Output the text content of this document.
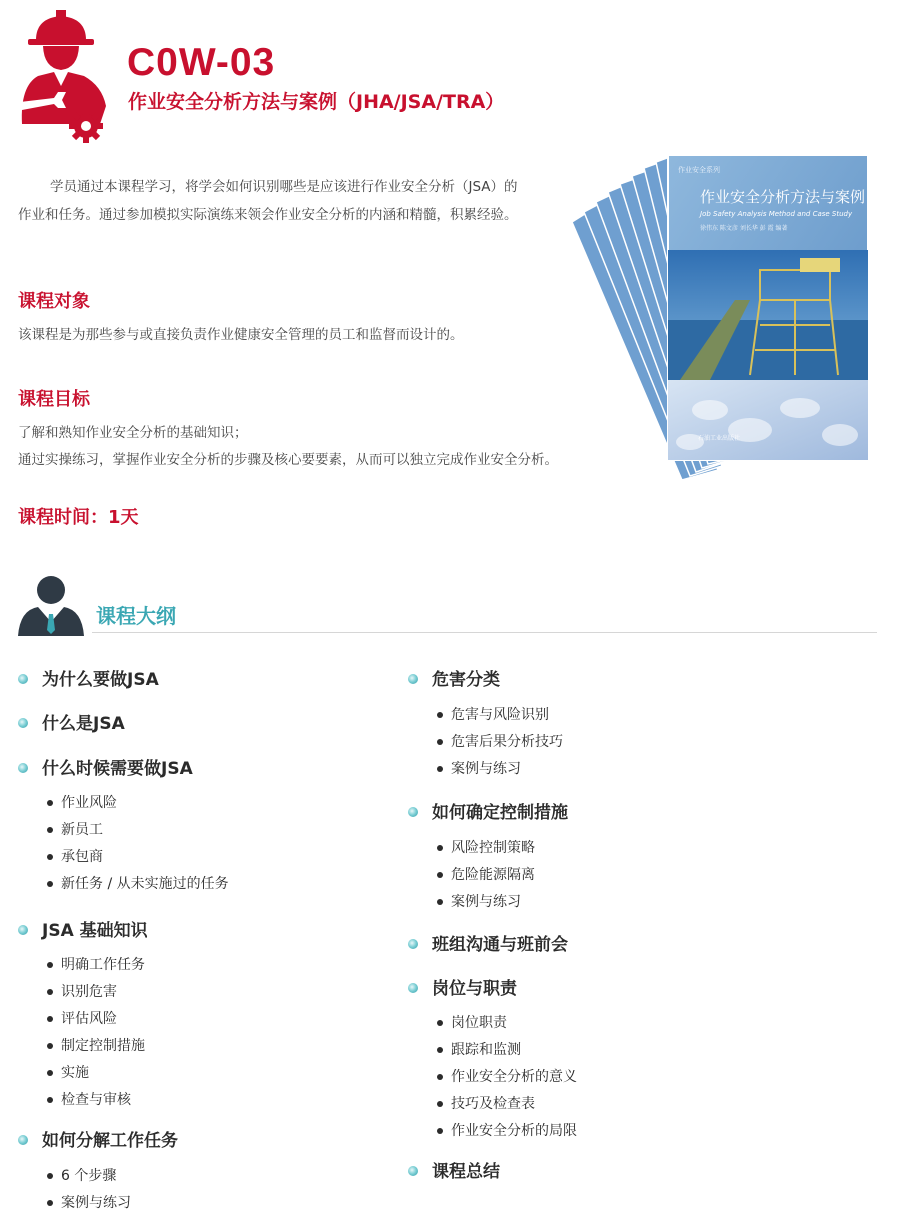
C0W-03
作业安全分析方法与案例（JHA/JSA/TRA）
学员通过本课程学习，将学会如何识别哪些是应该进行作业安全分析（JSA）的作业和任务。通过参加模拟实际演练来领会作业安全分析的内涵和精髓，积累经验。
课程对象
该课程是为那些参与或直接负责作业健康安全管理的员工和监督而设计的。
课程目标
了解和熟知作业安全分析的基础知识；
通过实操练习，掌握作业安全分析的步骤及核心要要素，从而可以独立完成作业安全分析。
课程时间：1天
作业安全系列
作业安全分析方法与案例
Job Safety Analysis Method and Case Study
徐伟东 陈文彦 刘长华 彭 霞 编著
石油工业出版社
课程大纲
为什么要做JSA
什么是JSA
什么时候需要做JSA
作业风险
新员工
承包商
新任务 / 从未实施过的任务
JSA 基础知识
明确工作任务
识别危害
评估风险
制定控制措施
实施
检查与审核
如何分解工作任务
6 个步骤
案例与练习
危害分类
危害与风险识别
危害后果分析技巧
案例与练习
如何确定控制措施
风险控制策略
危险能源隔离
案例与练习
班组沟通与班前会
岗位与职责
岗位职责
跟踪和监测
作业安全分析的意义
技巧及检查表
作业安全分析的局限
课程总结
